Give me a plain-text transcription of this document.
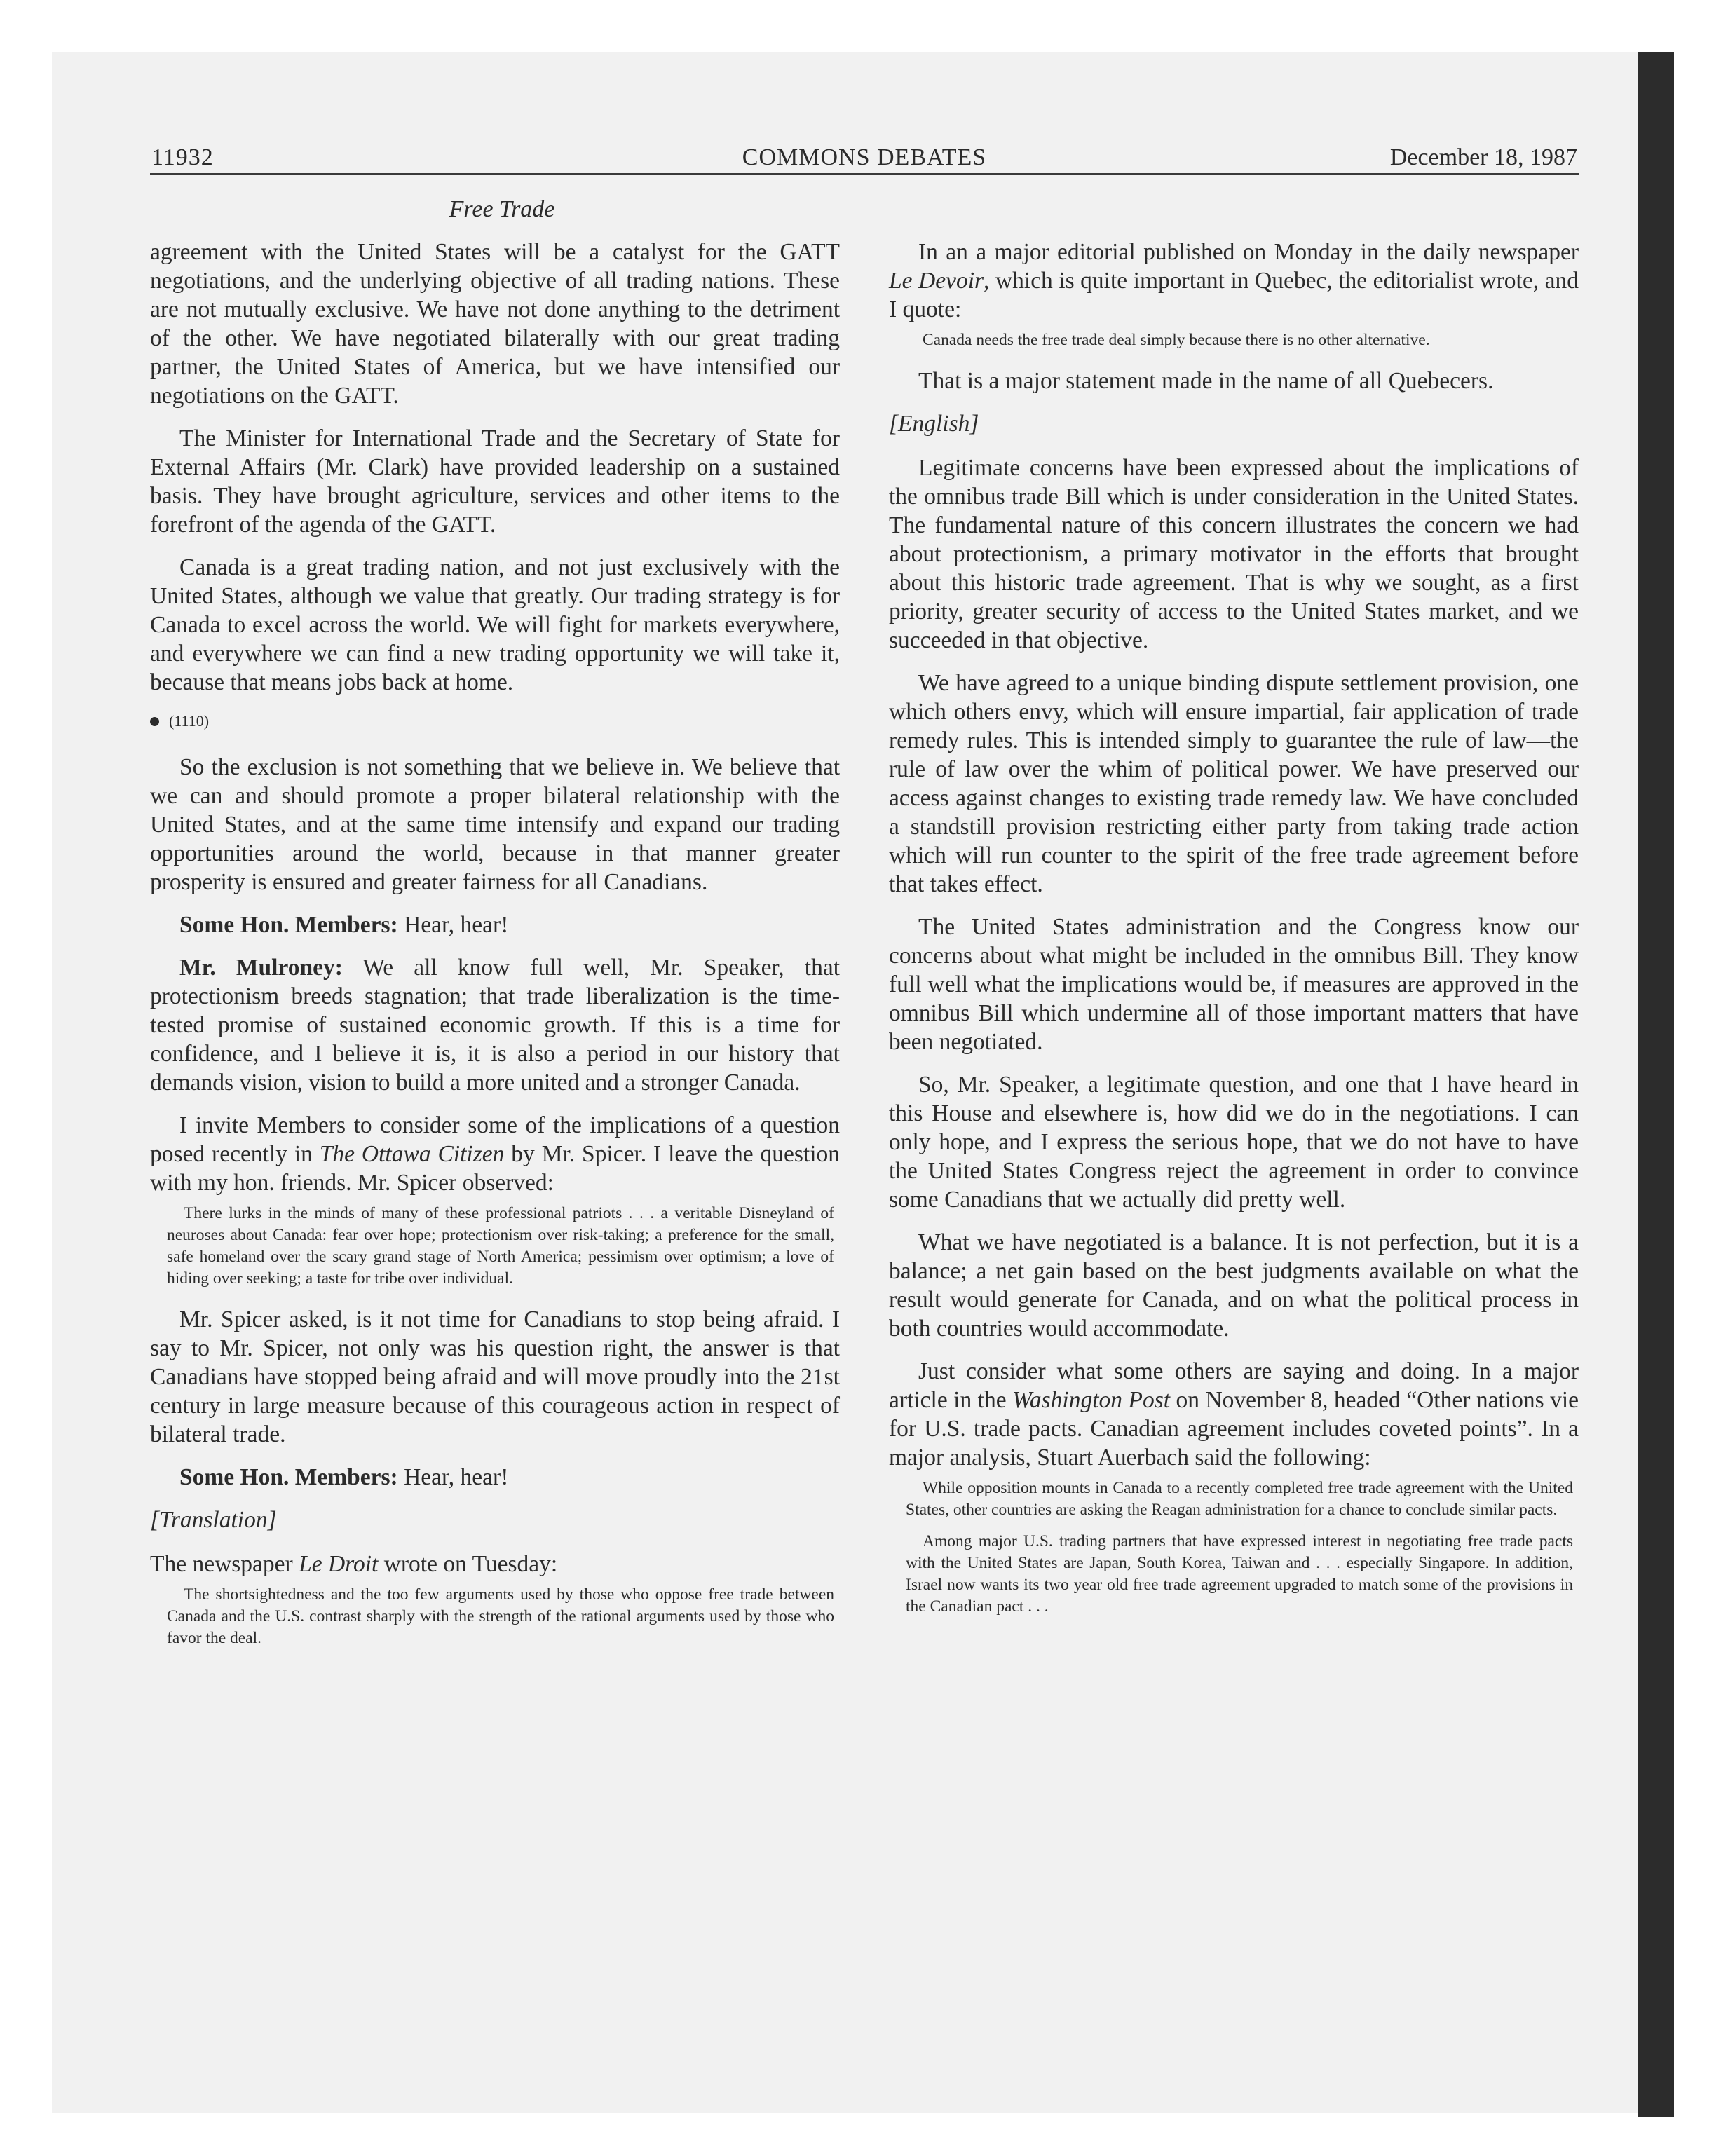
COMMONS DEBATES
11932	December 18, 1987
Free Trade

agreement with the United States will be a catalyst for the GATT negotiations, and the underlying objective of all trading nations. These are not mutually exclusive. We have not done anything to the detriment of the other. We have negotiated bilaterally with our great trading partner, the United States of America, but we have intensified our negotiations on the GATT.

The Minister for International Trade and the Secretary of State for External Affairs (Mr. Clark) have provided leadership on a sustained basis. They have brought agriculture, services and other items to the forefront of the agenda of the GATT.

Canada is a great trading nation, and not just exclusively with the United States, although we value that greatly. Our trading strategy is for Canada to excel across the world. We will fight for markets everywhere, and everywhere we can find a new trading opportunity we will take it, because that means jobs back at home.

(1110)

So the exclusion is not something that we believe in. We believe that we can and should promote a proper bilateral relationship with the United States, and at the same time intensify and expand our trading opportunities around the world, because in that manner greater prosperity is ensured and greater fairness for all Canadians.

Some Hon. Members: Hear, hear!

Mr. Mulroney: We all know full well, Mr. Speaker, that protectionism breeds stagnation; that trade liberalization is the time-tested promise of sustained economic growth. If this is a time for confidence, and I believe it is, it is also a period in our history that demands vision, vision to build a more united and a stronger Canada.

I invite Members to consider some of the implications of a question posed recently in The Ottawa Citizen by Mr. Spicer. I leave the question with my hon. friends. Mr. Spicer observed:

There lurks in the minds of many of these professional patriots . . . a veritable Disneyland of neuroses about Canada: fear over hope; protectionism over risk-taking; a preference for the small, safe homeland over the scary grand stage of North America; pessimism over optimism; a love of hiding over seeking; a taste for tribe over individual.

Mr. Spicer asked, is it not time for Canadians to stop being afraid. I say to Mr. Spicer, not only was his question right, the answer is that Canadians have stopped being afraid and will move proudly into the 21st century in large measure because of this courageous action in respect of bilateral trade.

Some Hon. Members: Hear, hear!

[Translation]

The newspaper Le Droit wrote on Tuesday:

The shortsightedness and the too few arguments used by those who oppose free trade between Canada and the U.S. contrast sharply with the strength of the rational arguments used by those who favor the deal.

In an a major editorial published on Monday in the daily newspaper Le Devoir, which is quite important in Quebec, the editorialist wrote, and I quote:

Canada needs the free trade deal simply because there is no other alternative.

That is a major statement made in the name of all Quebecers.

[English]

Legitimate concerns have been expressed about the implications of the omnibus trade Bill which is under consideration in the United States. The fundamental nature of this concern illustrates the concern we had about protectionism, a primary motivator in the efforts that brought about this historic trade agreement. That is why we sought, as a first priority, greater security of access to the United States market, and we succeeded in that objective.

We have agreed to a unique binding dispute settlement provision, one which others envy, which will ensure impartial, fair application of trade remedy rules. This is intended simply to guarantee the rule of law—the rule of law over the whim of political power. We have preserved our access against changes to existing trade remedy law. We have concluded a standstill provision restricting either party from taking trade action which will run counter to the spirit of the free trade agreement before that takes effect.

The United States administration and the Congress know our concerns about what might be included in the omnibus Bill. They know full well what the implications would be, if measures are approved in the omnibus Bill which undermine all of those important matters that have been negotiated.

So, Mr. Speaker, a legitimate question, and one that I have heard in this House and elsewhere is, how did we do in the negotiations. I can only hope, and I express the serious hope, that we do not have to have the United States Congress reject the agreement in order to convince some Canadians that we actually did pretty well.

What we have negotiated is a balance. It is not perfection, but it is a balance; a net gain based on the best judgments available on what the result would generate for Canada, and on what the political process in both countries would accommodate.

Just consider what some others are saying and doing. In a major article in the Washington Post on November 8, headed “Other nations vie for U.S. trade pacts. Canadian agreement includes coveted points”. In a major analysis, Stuart Auerbach said the following:

While opposition mounts in Canada to a recently completed free trade agreement with the United States, other countries are asking the Reagan administration for a chance to conclude similar pacts.
Among major U.S. trading partners that have expressed interest in negotiating free trade pacts with the United States are Japan, South Korea, Taiwan and . . . especially Singapore. In addition, Israel now wants its two year old free trade agreement upgraded to match some of the provisions in the Canadian pact . . .
